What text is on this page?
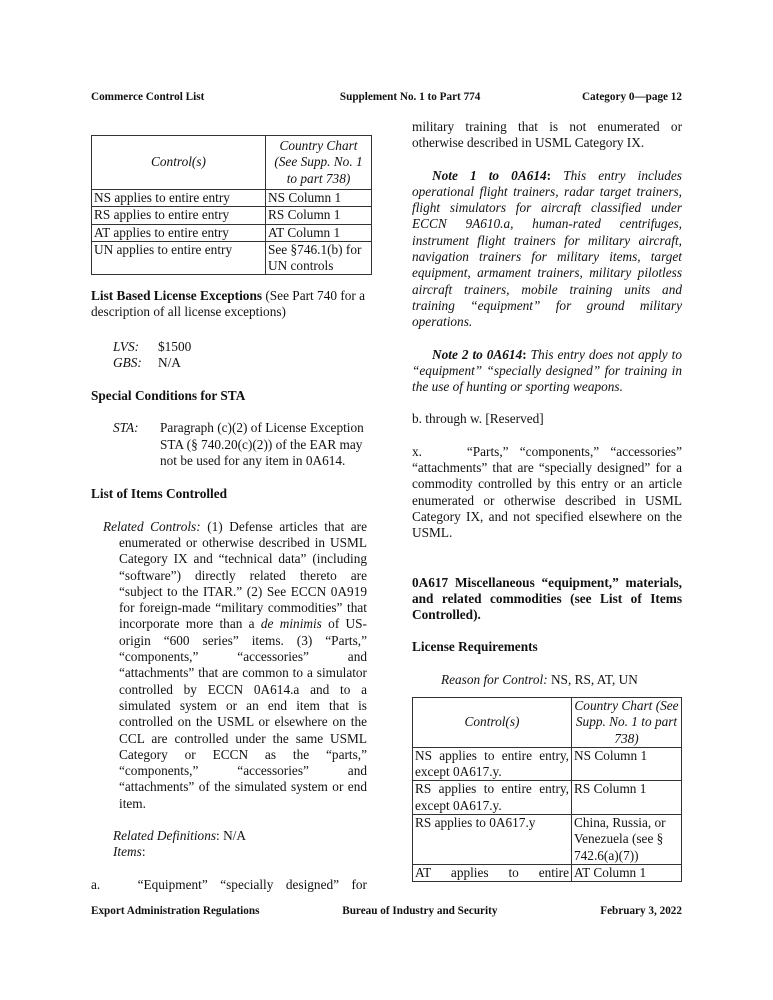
Commerce Control List	Supplement No. 1 to Part 774	Category 0—page 12
Control(s)	Country Chart (See Supp. No. 1 to part 738)
NS applies to entire entry	NS Column 1
RS applies to entire entry	RS Column 1
AT applies to entire entry	AT Column 1
UN applies to entire entry	See §746.1(b) for UN controls
List Based License Exceptions (See Part 740 for a description of all license exceptions)
LVS:	$1500
GBS:	N/A
Special Conditions for STA
STA:	Paragraph (c)(2) of License Exception STA (§ 740.20(c)(2)) of the EAR may not be used for any item in 0A614.
List of Items Controlled
Related Controls: (1) Defense articles that are enumerated or otherwise described in USML Category IX and “technical data” (including “software”) directly related thereto are “subject to the ITAR.” (2) See ECCN 0A919 for foreign-made “military commodities” that incorporate more than a de minimis of US-origin “600 series” items. (3) “Parts,” “components,” “accessories” and “attachments” that are common to a simulator controlled by ECCN 0A614.a and to a simulated system or an end item that is controlled on the USML or elsewhere on the CCL are controlled under the same USML Category or ECCN as the “parts,” “components,” “accessories” and “attachments” of the simulated system or end item.
Related Definitions: N/A
Items:
a.   “Equipment” “specially designed” for
military training that is not enumerated or otherwise described in USML Category IX.
Note 1 to 0A614: This entry includes operational flight trainers, radar target trainers, flight simulators for aircraft classified under ECCN 9A610.a, human-rated centrifuges, instrument flight trainers for military aircraft, navigation trainers for military items, target equipment, armament trainers, military pilotless aircraft trainers, mobile training units and training “equipment” for ground military operations.
Note 2 to 0A614: This entry does not apply to “equipment” “specially designed” for training in the use of hunting or sporting weapons.
b. through w. [Reserved]
x.    “Parts,” “components,” “accessories” “attachments” that are “specially designed” for a commodity controlled by this entry or an article enumerated or otherwise described in USML Category IX, and not specified elsewhere on the USML.
0A617 Miscellaneous “equipment,” materials, and related commodities (see List of Items Controlled).
License Requirements
Reason for Control: NS, RS, AT, UN
Control(s)	Country Chart (See Supp. No. 1 to part 738)
NS applies to entire entry, except 0A617.y.	NS Column 1
RS applies to entire entry, except 0A617.y.	RS Column 1
RS applies to 0A617.y	China, Russia, or Venezuela (see § 742.6(a)(7))
AT applies to entire	AT Column 1
Export Administration Regulations	Bureau of Industry and Security	February 3, 2022
